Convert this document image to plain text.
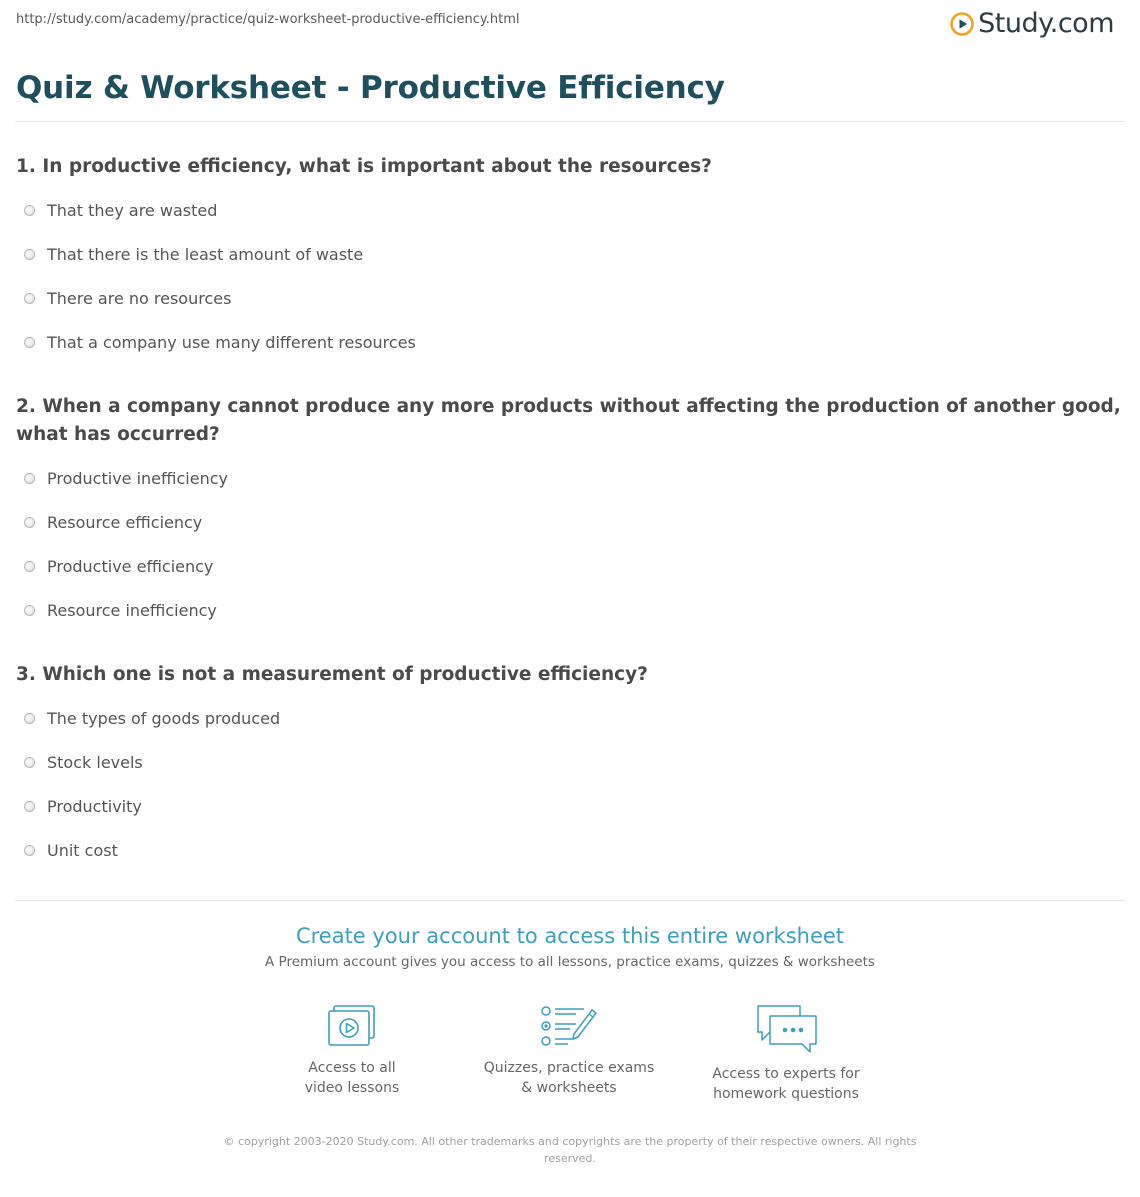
http://study.com/academy/practice/quiz-worksheet-productive-efficiency.html	Study.com
Quiz & Worksheet - Productive Efficiency
1. In productive efficiency, what is important about the resources?
That they are wasted
That there is the least amount of waste
There are no resources
That a company use many different resources
2. When a company cannot produce any more products without affecting the production of another good, what has occurred?
Productive inefficiency
Resource efficiency
Productive efficiency
Resource inefficiency
3. Which one is not a measurement of productive efficiency?
The types of goods produced
Stock levels
Productivity
Unit cost
Create your account to access this entire worksheet
A Premium account gives you access to all lessons, practice exams, quizzes & worksheets
Access to all
video lessons
Quizzes, practice exams
& worksheets
Access to experts for
homework questions
© copyright 2003-2020 Study.com. All other trademarks and copyrights are the property of their respective owners. All rights reserved.
